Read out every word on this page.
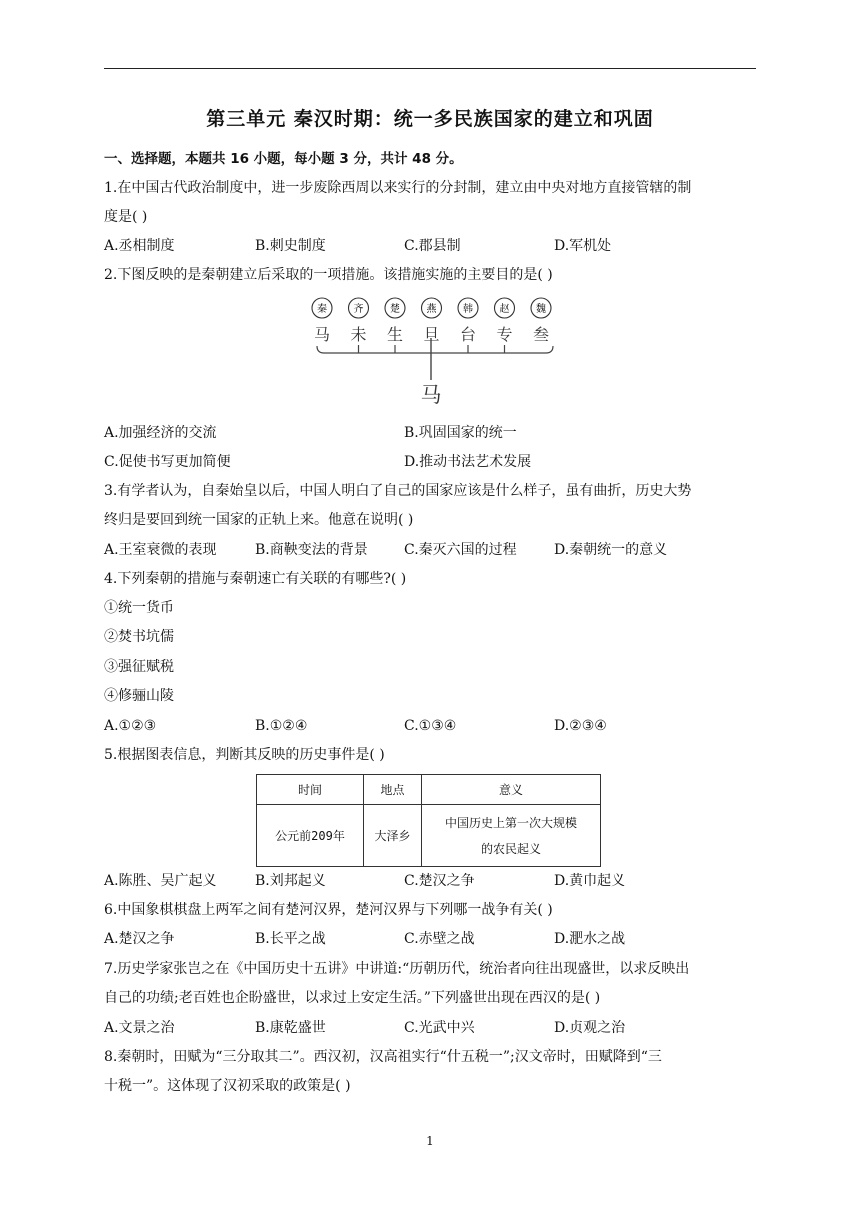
第三单元 秦汉时期：统一多民族国家的建立和巩固
一、选择题，本题共 16 小题，每小题 3 分，共计 48 分。
1.在中国古代政治制度中，进一步废除西周以来实行的分封制，建立由中央对地方直接管辖的制
度是( )
A.丞相制度	B.刺史制度	C.郡县制	D.军机处
2.下图反映的是秦朝建立后采取的一项措施。该措施实施的主要目的是( )
秦	齐	楚	燕	韩	赵	魏
马 未 生 旦 台 专 叁
马
A.加强经济的交流	B.巩固国家的统一
C.促使书写更加简便	D.推动书法艺术发展
3.有学者认为，自秦始皇以后，中国人明白了自己的国家应该是什么样子，虽有曲折，历史大势
终归是要回到统一国家的正轨上来。他意在说明( )
A.王室衰微的表现	B.商鞅变法的背景	C.秦灭六国的过程	D.秦朝统一的意义
4.下列秦朝的措施与秦朝速亡有关联的有哪些?( )
①统一货币
②焚书坑儒
③强征赋税
④修骊山陵
A.①②③	B.①②④	C.①③④	D.②③④
5.根据图表信息，判断其反映的历史事件是( )
时间	地点	意义
公元前209年	大泽乡	中国历史上第一次大规模
的农民起义
A.陈胜、吴广起义	B.刘邦起义	C.楚汉之争	D.黄巾起义
6.中国象棋棋盘上两军之间有楚河汉界，楚河汉界与下列哪一战争有关( )
A.楚汉之争	B.长平之战	C.赤壁之战	D.淝水之战
7.历史学家张岂之在《中国历史十五讲》中讲道:“历朝历代，统治者向往出现盛世，以求反映出
自己的功绩;老百姓也企盼盛世，以求过上安定生活。”下列盛世出现在西汉的是( )
A.文景之治	B.康乾盛世	C.光武中兴	D.贞观之治
8.秦朝时，田赋为“三分取其二”。西汉初，汉高祖实行“什五税一”;汉文帝时，田赋降到“三
十税一”。这体现了汉初采取的政策是( )
1
